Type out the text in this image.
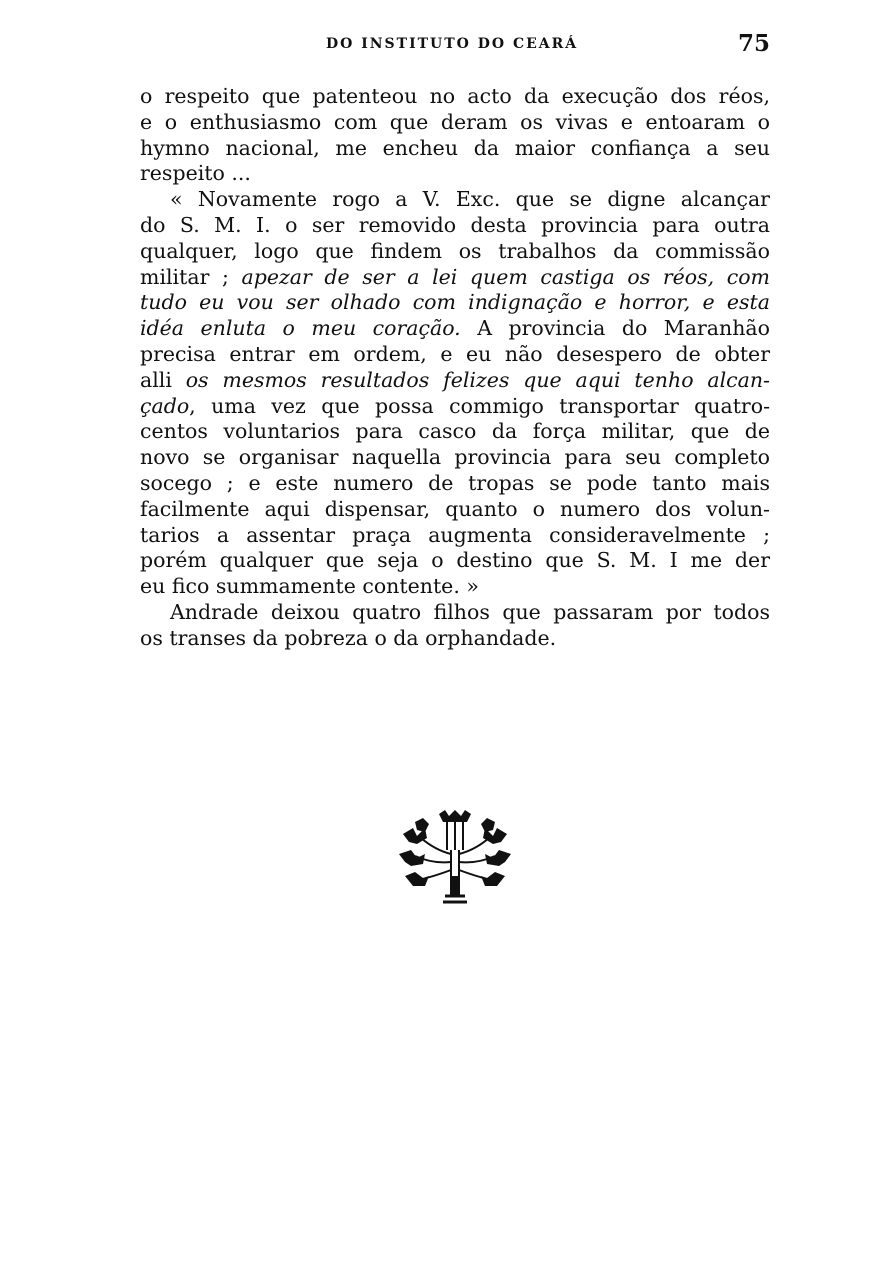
DO INSTITUTO DO CEARÁ	75
o respeito que patenteou no acto da execução dos réos,
e o enthusiasmo com que deram os vivas e entoaram o
hymno nacional, me encheu da maior confiança a seu
respeito ...
« Novamente rogo a V. Exc. que se digne alcançar
do S. M. I. o ser removido desta provincia para outra
qualquer, logo que findem os trabalhos da commissão
militar ; apezar de ser a lei quem castiga os réos, com
tudo eu vou ser olhado com indignação e horror, e esta
idéa enluta o meu coração. A provincia do Maranhão
precisa entrar em ordem, e eu não desespero de obter
alli os mesmos resultados felizes que aqui tenho alcan-
çado, uma vez que possa commigo transportar quatro-
centos voluntarios para casco da força militar, que de
novo se organisar naquella provincia para seu completo
socego ; e este numero de tropas se pode tanto mais
facilmente aqui dispensar, quanto o numero dos volun-
tarios a assentar praça augmenta consideravelmente ;
porém qualquer que seja o destino que S. M. I me der
eu fico summamente contente. »
Andrade deixou quatro filhos que passaram por todos
os transes da pobreza o da orphandade.
